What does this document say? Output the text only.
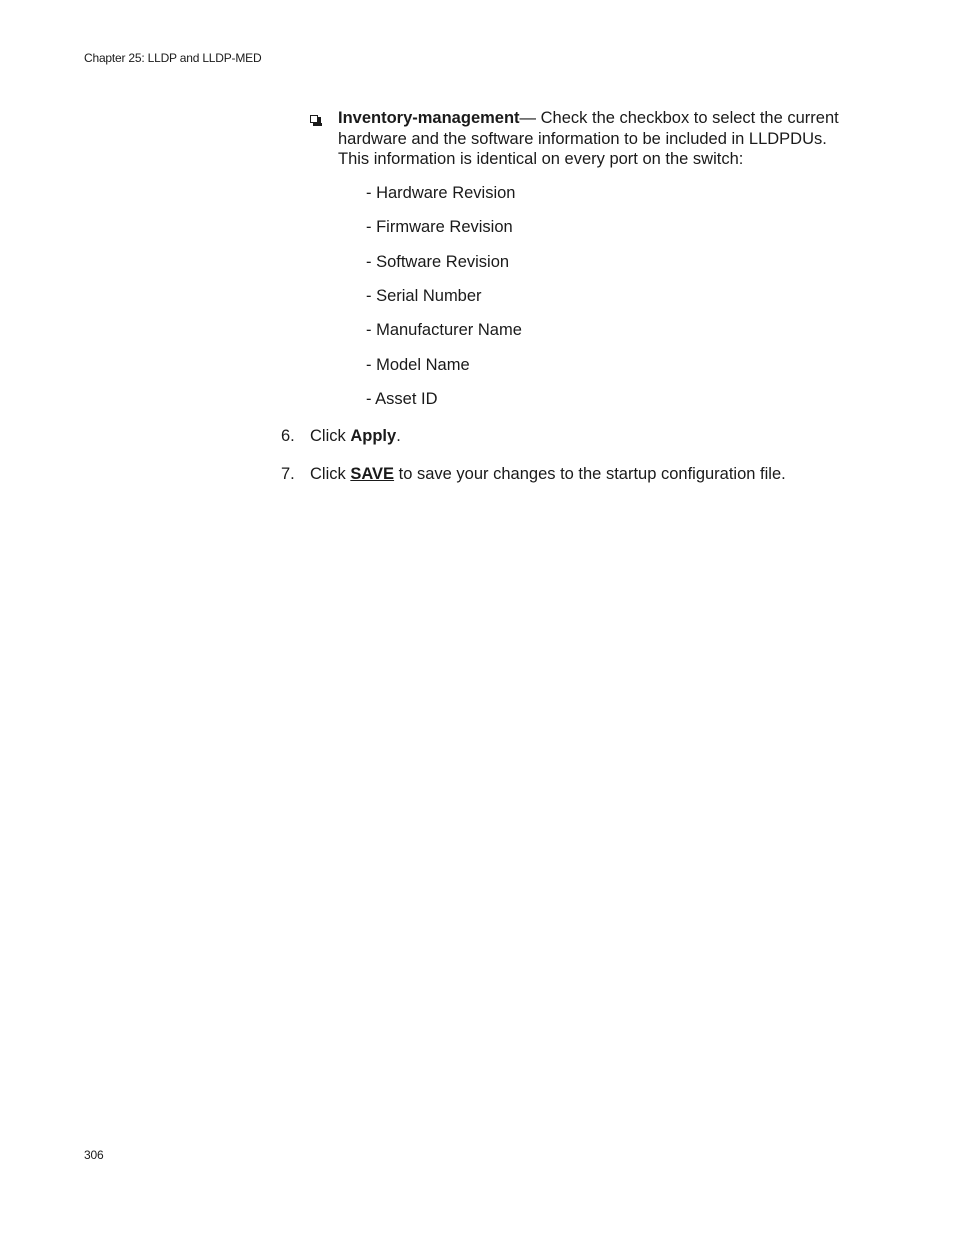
Chapter 25: LLDP and LLDP-MED
Inventory-management— Check the checkbox to select the current hardware and the software information to be included in LLDPDUs. This information is identical on every port on the switch:
- Hardware Revision
- Firmware Revision
- Software Revision
- Serial Number
- Manufacturer Name
- Model Name
- Asset ID
6. Click Apply.
7. Click SAVE to save your changes to the startup configuration file.
306
